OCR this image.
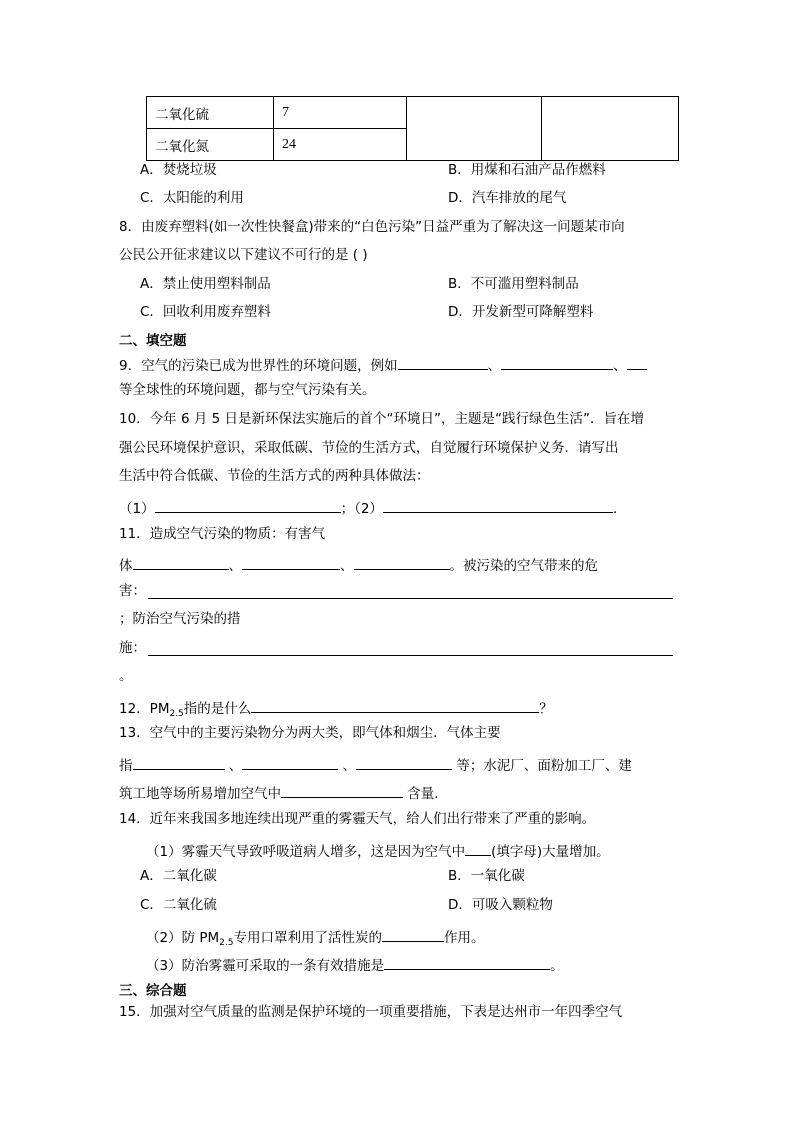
二氧化硫	7		
二氧化氮	24		
A．焚烧垃圾	B．用煤和石油产品作燃料
C．太阳能的利用	D．汽车排放的尾气
8．由废弃塑料(如一次性快餐盒)带来的“白色污染”日益严重为了解决这一问题某市向
公民公开征求建议以下建议不可行的是 ( )
A．禁止使用塑料制品	B．不可滥用塑料制品
C．回收利用废弃塑料	D．开发新型可降解塑料
二、填空题
9．空气的污染已成为世界性的环境问题，例如	、	、
等全球性的环境问题，都与空气污染有关。
10．今年 6 月 5 日是新环保法实施后的首个“环境日”，主题是“践行绿色生活”．旨在增
强公民环境保护意识，采取低碳、节俭的生活方式，自觉履行环境保护义务．请写出
生活中符合低碳、节俭的生活方式的两种具体做法：
（1）	；（2）	.
11．造成空气污染的物质：有害气
体	、	、	。被污染的空气带来的危
害：
；防治空气污染的措
施：
。
12．$PM_{2.5}$指的是什么	？
13．空气中的主要污染物分为两大类，即气体和烟尘．气体主要
指	、	、	等；水泥厂、面粉加工厂、建
筑工地等场所易增加空气中	含量．
14．近年来我国多地连续出现严重的雾霾天气，给人们出行带来了严重的影响。
（1）雾霾天气导致呼吸道病人增多，这是因为空气中 (填字母)大量增加。
A．二氧化碳	B．一氧化碳
C．二氧化硫	D．可吸入颗粒物
（2）防 $PM_{2.5}$专用口罩利用了活性炭的	作用。
（3）防治雾霾可采取的一条有效措施是	。
三、综合题
15．加强对空气质量的监测是保护环境的一项重要措施，下表是达州市一年四季空气
